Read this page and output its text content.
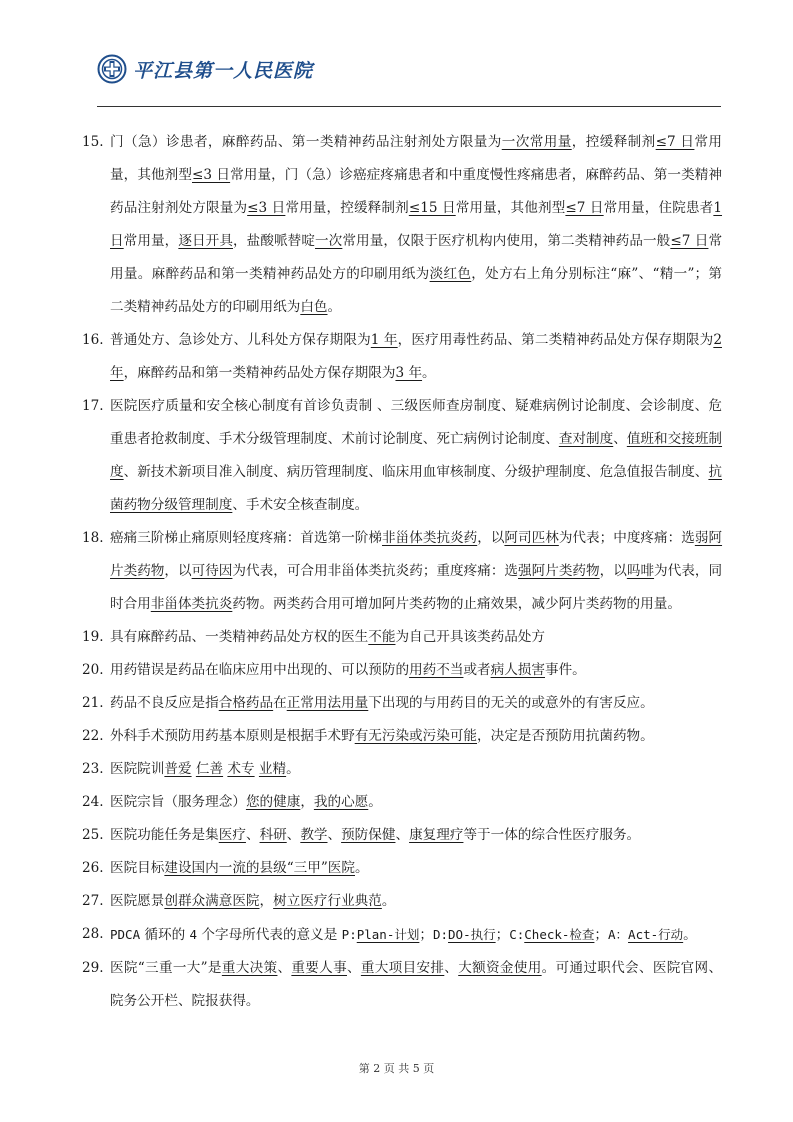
平江县第一人民医院
15. 门（急）诊患者，麻醉药品、第一类精神药品注射剂处方限量为一次常用量，控缓释制剂≤7 日常用量，其他剂型≤3 日常用量，门（急）诊癌症疼痛患者和中重度慢性疼痛患者，麻醉药品、第一类精神药品注射剂处方限量为≤3 日常用量，控缓释制剂≤15 日常用量，其他剂型≤7 日常用量，住院患者1 日常用量，逐日开具，盐酸哌替啶一次常用量，仅限于医疗机构内使用，第二类精神药品一般≤7 日常用量。麻醉药品和第一类精神药品处方的印刷用纸为淡红色，处方右上角分别标注“麻”、“精一”；第二类精神药品处方的印刷用纸为白色。
16. 普通处方、急诊处方、儿科处方保存期限为1 年，医疗用毒性药品、第二类精神药品处方保存期限为2 年，麻醉药品和第一类精神药品处方保存期限为3 年。
17. 医院医疗质量和安全核心制度有首诊负责制 、三级医师查房制度、疑难病例讨论制度、会诊制度、危重患者抢救制度、手术分级管理制度、术前讨论制度、死亡病例讨论制度、查对制度、值班和交接班制度、新技术新项目准入制度、病历管理制度、临床用血审核制度、分级护理制度、危急值报告制度、抗菌药物分级管理制度、手术安全核查制度。
18. 癌痛三阶梯止痛原则轻度疼痛：首选第一阶梯非甾体类抗炎药，以阿司匹林为代表；中度疼痛：选弱阿片类药物，以可待因为代表，可合用非甾体类抗炎药；重度疼痛：选强阿片类药物，以吗啡为代表，同时合用非甾体类抗炎药物。两类药合用可增加阿片类药物的止痛效果，减少阿片类药物的用量。
19. 具有麻醉药品、一类精神药品处方权的医生不能为自己开具该类药品处方
20. 用药错误是药品在临床应用中出现的、可以预防的用药不当或者病人损害事件。
21. 药品不良反应是指合格药品在正常用法用量下出现的与用药目的无关的或意外的有害反应。
22. 外科手术预防用药基本原则是根据手术野有无污染或污染可能，决定是否预防用抗菌药物。
23. 医院院训普爱 仁善 术专 业精。
24. 医院宗旨（服务理念）您的健康，我的心愿。
25. 医院功能任务是集医疗、科研、教学、预防保健、康复理疗等于一体的综合性医疗服务。
26. 医院目标建设国内一流的县级“三甲”医院。
27. 医院愿景创群众满意医院，树立医疗行业典范。
28. PDCA 循环的 4 个字母所代表的意义是 P:Plan-计划；D:DO-执行；C:Check-检查；A：Act-行动。
29. 医院“三重一大”是重大决策、重要人事、重大项目安排、大额资金使用。可通过职代会、医院官网、院务公开栏、院报获得。
第 2 页 共 5 页
